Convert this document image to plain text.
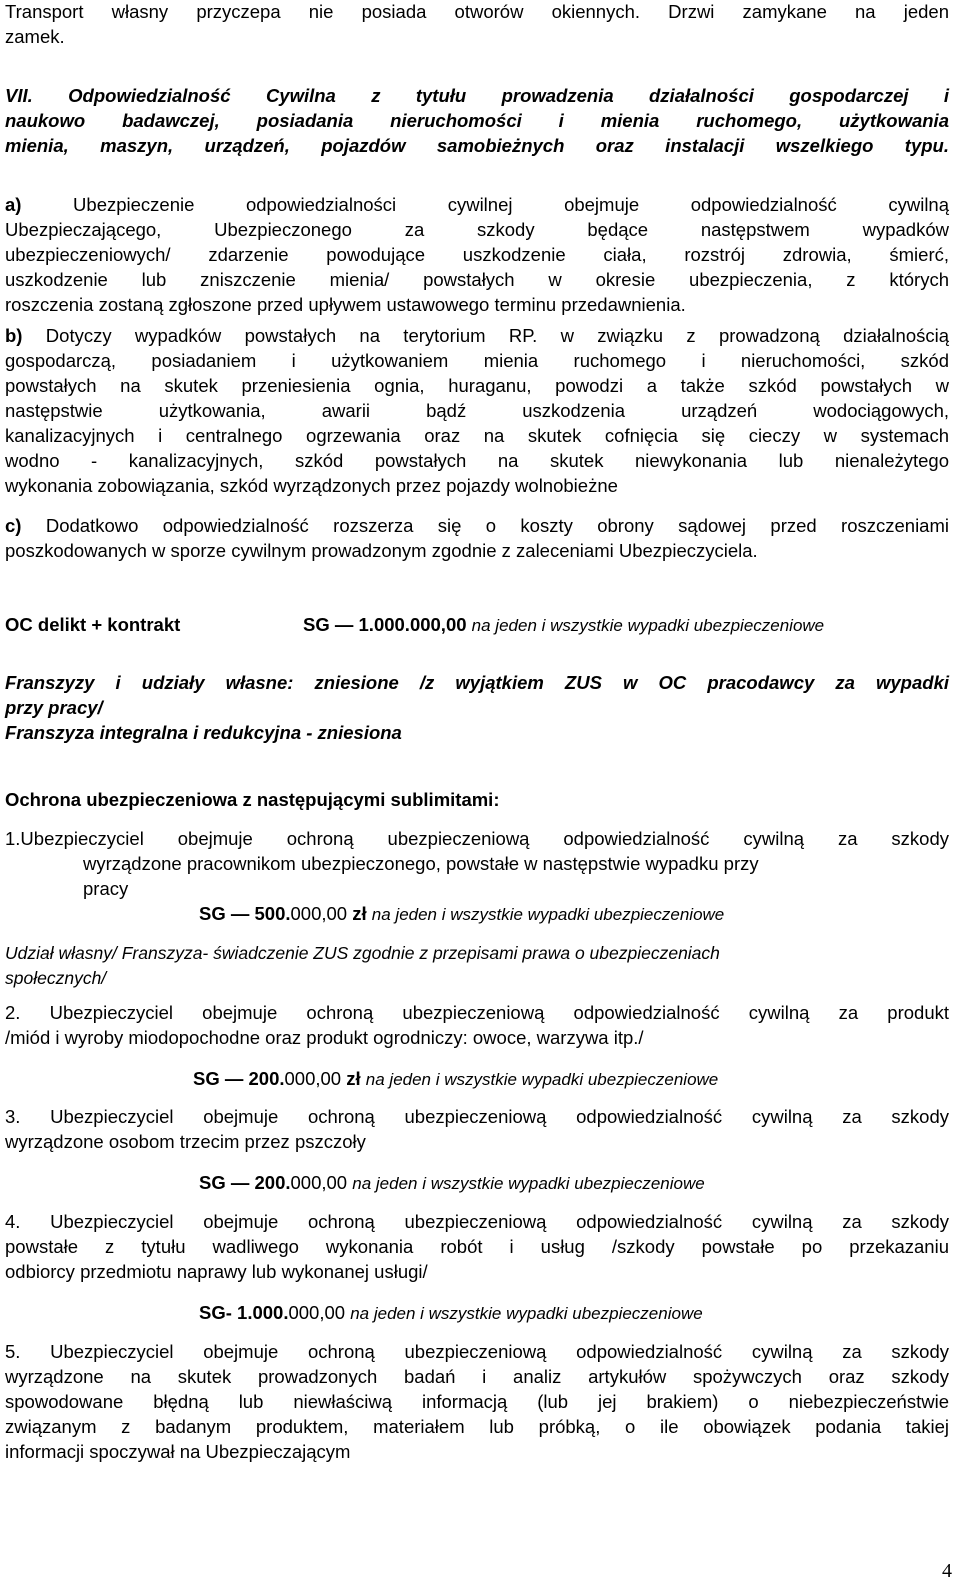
Transport własny przyczepa nie posiada otworów okiennych. Drzwi zamykane na jeden
zamek.
VII. Odpowiedzialność Cywilna z tytułu prowadzenia działalności gospodarczej i
naukowo badawczej, posiadania nieruchomości i mienia ruchomego, użytkowania
mienia, maszyn, urządzeń, pojazdów samobieżnych oraz instalacji wszelkiego typu.
a)	Ubezpieczenie odpowiedzialności cywilnej obejmuje odpowiedzialność cywilną
Ubezpieczającego, Ubezpieczonego za szkody będące następstwem wypadków
ubezpieczeniowych/ zdarzenie powodujące uszkodzenie ciała, rozstrój zdrowia, śmierć,
uszkodzenie lub zniszczenie mienia/ powstałych w okresie ubezpieczenia, z których
roszczenia zostaną zgłoszone przed upływem ustawowego terminu przedawnienia.
b) Dotyczy wypadków powstałych na terytorium RP. w związku z prowadzoną działalnością
gospodarczą, posiadaniem i użytkowaniem mienia ruchomego i nieruchomości, szkód
powstałych na skutek przeniesienia ognia, huraganu, powodzi a także szkód powstałych w
następstwie użytkowania, awarii bądź uszkodzenia urządzeń wodociągowych,
kanalizacyjnych i centralnego ogrzewania oraz na skutek cofnięcia się cieczy w systemach
wodno - kanalizacyjnych, szkód powstałych na skutek niewykonania lub nienależytego
wykonania zobowiązania, szkód wyrządzonych przez pojazdy wolnobieżne
c) Dodatkowo odpowiedzialność rozszerza się o koszty obrony sądowej przed roszczeniami
poszkodowanych w sporze cywilnym prowadzonym zgodnie z zaleceniami Ubezpieczyciela.
OC delikt + kontrakt	SG — 1.000.000,00 na jeden i wszystkie wypadki ubezpieczeniowe
Franszyzy i udziały własne: zniesione /z wyjątkiem ZUS w OC pracodawcy za wypadki
przy pracy/
Franszyza integralna i redukcyjna - zniesiona
Ochrona ubezpieczeniowa z następującymi sublimitami:
1.Ubezpieczyciel obejmuje ochroną ubezpieczeniową odpowiedzialność cywilną za szkody
wyrządzone pracownikom ubezpieczonego, powstałe w następstwie wypadku przy
pracy
SG — 500.000,00 zł na jeden i wszystkie wypadki ubezpieczeniowe
Udział własny/ Franszyza- świadczenie ZUS zgodnie z przepisami prawa o ubezpieczeniach
społecznych/
2. Ubezpieczyciel obejmuje ochroną ubezpieczeniową odpowiedzialność cywilną za produkt
/miód i wyroby miodopochodne oraz produkt ogrodniczy: owoce, warzywa itp./
SG — 200.000,00 zł na jeden i wszystkie wypadki ubezpieczeniowe
3. Ubezpieczyciel obejmuje ochroną ubezpieczeniową odpowiedzialność cywilną za szkody
wyrządzone osobom trzecim przez pszczoły
SG — 200.000,00 na jeden i wszystkie wypadki ubezpieczeniowe
4. Ubezpieczyciel obejmuje ochroną ubezpieczeniową odpowiedzialność cywilną za szkody
powstałe z tytułu wadliwego wykonania robót i usług /szkody powstałe po przekazaniu
odbiorcy przedmiotu naprawy lub wykonanej usługi/
SG- 1.000.000,00 na jeden i wszystkie wypadki ubezpieczeniowe
5. Ubezpieczyciel obejmuje ochroną ubezpieczeniową odpowiedzialność cywilną za szkody
wyrządzone na skutek prowadzonych badań i analiz artykułów spożywczych oraz szkody
spowodowane błędną lub niewłaściwą informacją (lub jej brakiem) o niebezpieczeństwie
związanym z badanym produktem, materiałem lub próbką, o ile obowiązek podania takiej
informacji spoczywał na Ubezpieczającym
4
